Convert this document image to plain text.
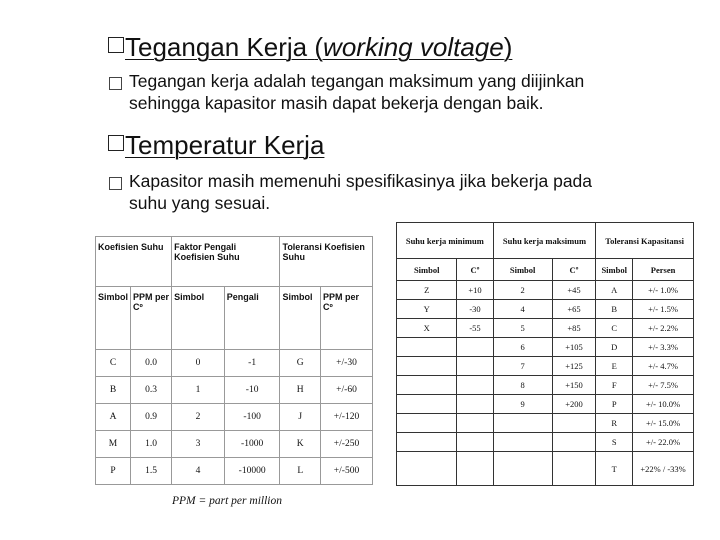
Tegangan Kerja (working voltage)
Tegangan kerja adalah tegangan maksimum yang diijinkan
sehingga kapasitor masih dapat bekerja dengan baik.
Temperatur Kerja
Kapasitor masih memenuhi spesifikasinya jika bekerja pada
suhu yang sesuai.
Koefisien Suhu		Faktor Pengali Koefisien Suhu		Toleransi Koefisien Suhu	
Simbol	PPM per Cº	Simbol	Pengali	Simbol	PPM per Cº
C	0.0	0	-1	G	+/-30
B	0.3	1	-10	H	+/-60
A	0.9	2	-100	J	+/-120
M	1.0	3	-1000	K	+/-250
P	1.5	4	-10000	L	+/-500
PPM = part per million
Suhu kerja minimum		Suhu kerja maksimum		Toleransi Kapasitansi	
Simbol	Cº	Simbol	Cº	Simbol	Persen
Z	+10	2	+45	A	+/- 1.0%
Y	-30	4	+65	B	+/- 1.5%
X	-55	5	+85	C	+/- 2.2%
		6	+105	D	+/- 3.3%
		7	+125	E	+/- 4.7%
		8	+150	F	+/- 7.5%
		9	+200	P	+/- 10.0%
				R	+/- 15.0%
				S	+/- 22.0%
				T	+22% / -33%
